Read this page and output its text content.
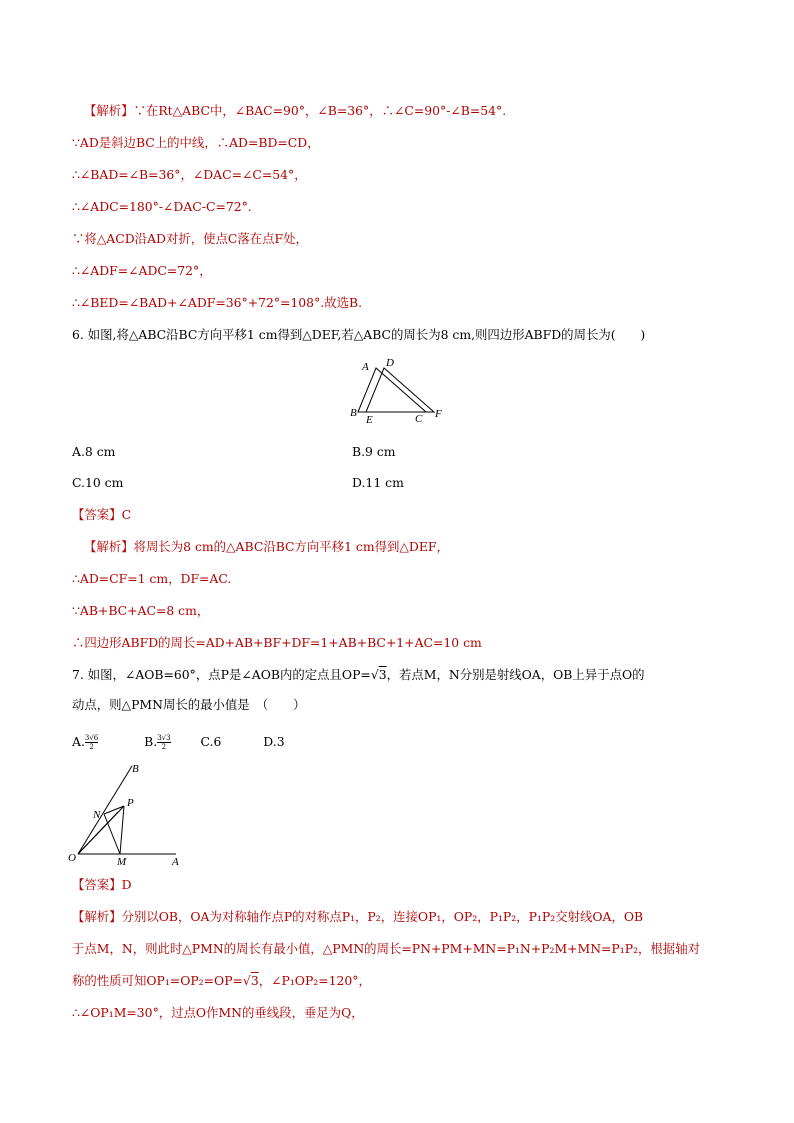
【解析】∵在Rt△ABC中，∠BAC=90°，∠B=36°，∴∠C=90°-∠B=54°.
∵AD是斜边BC上的中线，∴AD=BD=CD，
∴∠BAD=∠B=36°，∠DAC=∠C=54°，
∴∠ADC=180°-∠DAC-C=72°.
∵将△ACD沿AD对折，使点C落在点F处，
∴∠ADF=∠ADC=72°，
∴∠BED=∠BAD+∠ADF=36°+72°=108°.故选B.
6. 如图,将△ABC沿BC方向平移1 cm得到△DEF,若△ABC的周长为8 cm,则四边形ABFD的周长为(　　)
A D
B
E	C F
A.8 cm	B.9 cm
C.10 cm	D.11 cm
【答案】C
【解析】将周长为8 cm的△ABC沿BC方向平移1 cm得到△DEF，
∴AD=CF=1 cm，DF=AC.
∵AB+BC+AC=8 cm，
∴四边形ABFD的周长=AD+AB+BF+DF=1+AB+BC+1+AC=10 cm
7. 如图，∠AOB=60°，点P是∠AOB内的定点且OP=√3，若点M，N分别是射线OA，OB上异于点O的
动点，则△PMN周长的最小值是　（　　）
A. $\frac{3√6}{2}$	B. $\frac{3√3}{2} C.6$	D.3
B
P
N
O	M	A
【答案】D
【解析】分别以OB，OA为对称轴作点P的对称点P₁，P₂，连接OP₁，OP₂，P₁P₂，P₁P₂交射线OA，OB
于点M，N，则此时△PMN的周长有最小值，△PMN的周长=PN+PM+MN=P₁N+P₂M+MN=P₁P₂，根据轴对
称的性质可知OP₁=OP₂=OP=√3，∠P₁OP₂=120°，
∴∠OP₁M=30°，过点O作MN的垂线段，垂足为Q，
